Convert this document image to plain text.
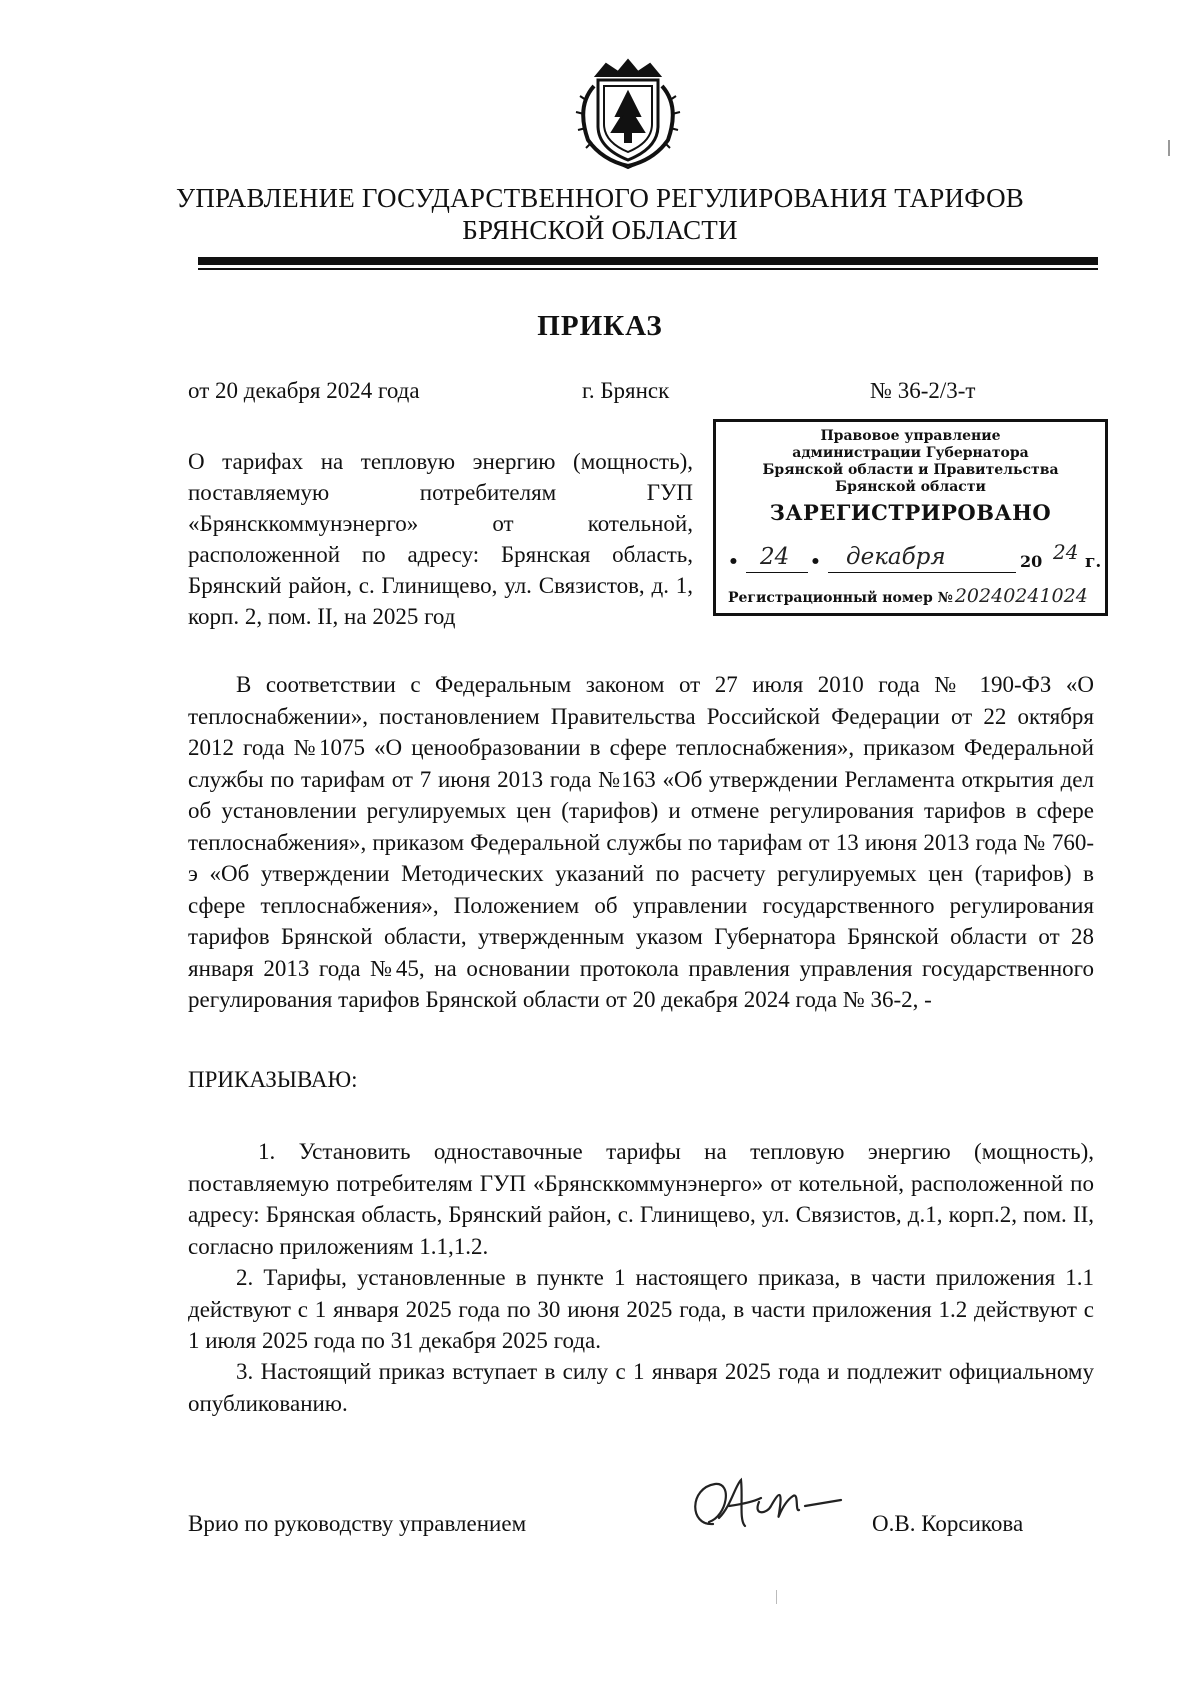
УПРАВЛЕНИЕ ГОСУДАРСТВЕННОГО РЕГУЛИРОВАНИЯ ТАРИФОВ
БРЯНСКОЙ ОБЛАСТИ
ПРИКАЗ
от 20 декабря 2024 года	г. Брянск	№ 36-2/3-т
О тарифах на тепловую энергию (мощность), поставляемую потребителям ГУП «Брянсккоммунэнерго» от котельной, расположенной по адресу: Брянская область, Брянский район, с. Глинищево, ул. Связистов, д. 1, корп. 2, пом. II, на 2025 год
Правовое управление
администрации Губернатора
Брянской области и Правительства
Брянской области
ЗАРЕГИСТРИРОВАНО
• 24 • декабря	20 24 г.
Регистрационный номер № 20240241024
В соответствии с Федеральным законом от 27 июля 2010 года № 190-ФЗ «О теплоснабжении», постановлением Правительства Российской Федерации от 22 октября 2012 года №1075 «О ценообразовании в сфере теплоснабжения», приказом Федеральной службы по тарифам от 7 июня 2013 года №163 «Об утверждении Регламента открытия дел об установлении регулируемых цен (тарифов) и отмене регулирования тарифов в сфере теплоснабжения», приказом Федеральной службы по тарифам от 13 июня 2013 года № 760-э «Об утверждении Методических указаний по расчету регулируемых цен (тарифов) в сфере теплоснабжения», Положением об управлении государственного регулирования тарифов Брянской области, утвержденным указом Губернатора Брянской области от 28 января 2013 года №45, на основании протокола правления управления государственного регулирования тарифов Брянской области от 20 декабря 2024 года № 36-2, -
ПРИКАЗЫВАЮ:
1. Установить одноставочные тарифы на тепловую энергию (мощность), поставляемую потребителям ГУП «Брянсккоммунэнерго» от котельной, расположенной по адресу: Брянская область, Брянский район, с. Глинищево, ул. Связистов, д.1, корп.2, пом. II, согласно приложениям 1.1,1.2.
2. Тарифы, установленные в пункте 1 настоящего приказа, в части приложения 1.1 действуют с 1 января 2025 года по 30 июня 2025 года, в части приложения 1.2 действуют с 1 июля 2025 года по 31 декабря 2025 года.
3. Настоящий приказ вступает в силу с 1 января 2025 года и подлежит официальному опубликованию.
Врио по руководству управлением	О.В. Корсикова
